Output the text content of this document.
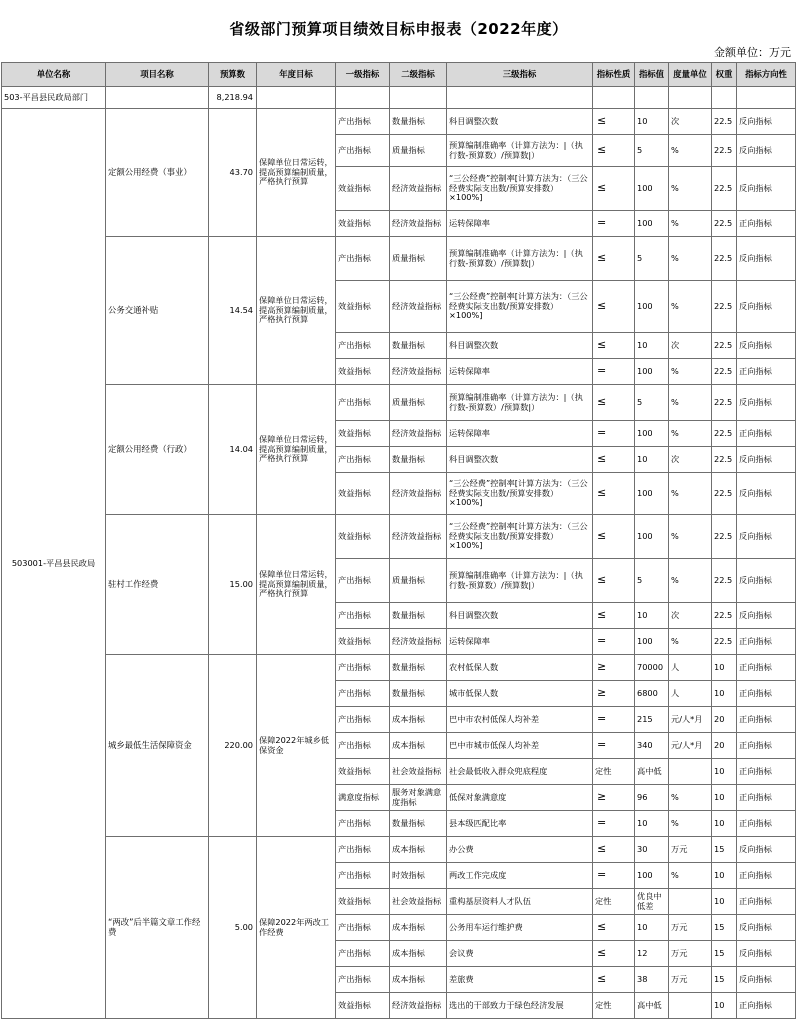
省级部门预算项目绩效目标申报表（2022年度）
金额单位：万元
单位名称	项目名称	预算数	年度目标	一级指标	二级指标	三级指标	指标性质	指标值	度量单位	权重	指标方向性
503-平昌县民政局部门		8,218.94									
503001-平昌县民政局	定额公用经费（事业）	43.70	保障单位日常运转，提高预算编制质量，严格执行预算	产出指标	数量指标	科目调整次数	≤	10	次	22.5	反向指标
				产出指标	质量指标	预算编制准确率（计算方法为：|（执行数-预算数）/预算数|）	≤	5	%	22.5	反向指标
				效益指标	经济效益指标	“三公经费”控制率[计算方法为：（三公经费实际支出数/预算安排数）×100%]	≤	100	%	22.5	反向指标
				效益指标	经济效益指标	运转保障率	=	100	%	22.5	正向指标
	公务交通补贴	14.54	保障单位日常运转，提高预算编制质量，严格执行预算	产出指标	质量指标	预算编制准确率（计算方法为：|（执行数-预算数）/预算数|）	≤	5	%	22.5	反向指标
				效益指标	经济效益指标	“三公经费”控制率[计算方法为：（三公经费实际支出数/预算安排数）×100%]	≤	100	%	22.5	反向指标
				产出指标	数量指标	科目调整次数	≤	10	次	22.5	反向指标
				效益指标	经济效益指标	运转保障率	=	100	%	22.5	正向指标
	定额公用经费（行政）	14.04	保障单位日常运转，提高预算编制质量，严格执行预算	产出指标	质量指标	预算编制准确率（计算方法为：|（执行数-预算数）/预算数|）	≤	5	%	22.5	反向指标
				效益指标	经济效益指标	运转保障率	=	100	%	22.5	正向指标
				产出指标	数量指标	科目调整次数	≤	10	次	22.5	反向指标
				效益指标	经济效益指标	“三公经费”控制率[计算方法为：（三公经费实际支出数/预算安排数）×100%]	≤	100	%	22.5	反向指标
	驻村工作经费	15.00	保障单位日常运转，提高预算编制质量，严格执行预算	效益指标	经济效益指标	“三公经费”控制率[计算方法为：（三公经费实际支出数/预算安排数）×100%]	≤	100	%	22.5	反向指标
				产出指标	质量指标	预算编制准确率（计算方法为：|（执行数-预算数）/预算数|）	≤	5	%	22.5	反向指标
				产出指标	数量指标	科目调整次数	≤	10	次	22.5	反向指标
				效益指标	经济效益指标	运转保障率	=	100	%	22.5	正向指标
	城乡最低生活保障资金	220.00	保障2022年城乡低保资金	产出指标	数量指标	农村低保人数	≥	70000	人	10	正向指标
				产出指标	数量指标	城市低保人数	≥	6800	人	10	正向指标
				产出指标	成本指标	巴中市农村低保人均补差	=	215	元/人*月	20	正向指标
				产出指标	成本指标	巴中市城市低保人均补差	=	340	元/人*月	20	正向指标
				效益指标	社会效益指标	社会最低收入群众兜底程度	定性	高中低		10	正向指标
				满意度指标	服务对象满意度指标	低保对象满意度	≥	96	%	10	正向指标
				产出指标	数量指标	县本级匹配比率	=	10	%	10	正向指标
	“两改”后半篇文章工作经费	5.00	保障2022年两改工作经费	产出指标	成本指标	办公费	≤	30	万元	15	反向指标
				产出指标	时效指标	两改工作完成度	=	100	%	10	正向指标
				效益指标	社会效益指标	重构基层资料人才队伍	定性	优良中低差		10	正向指标
				产出指标	成本指标	公务用车运行维护费	≤	10	万元	15	反向指标
				产出指标	成本指标	会议费	≤	12	万元	15	反向指标
				产出指标	成本指标	差旅费	≤	38	万元	15	反向指标
				效益指标	经济效益指标	选出的干部致力于绿色经济发展	定性	高中低		10	正向指标
